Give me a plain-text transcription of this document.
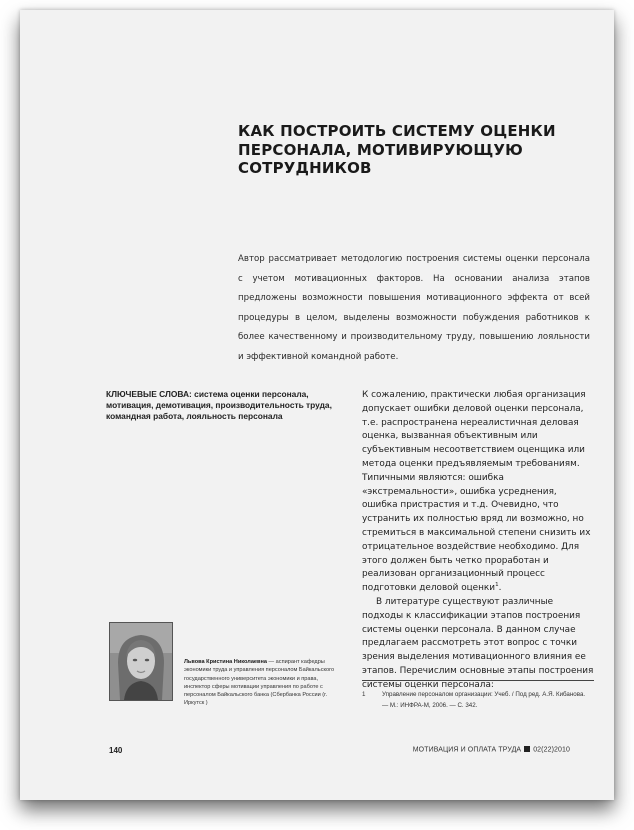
КАК ПОСТРОИТЬ СИСТЕМУ ОЦЕНКИ ПЕРСОНАЛА, МОТИВИРУЮЩУЮ СОТРУДНИКОВ

Автор рассматривает методологию построения системы оценки персонала с учетом мотивационных факторов. На основании анализа этапов предложены возможности повышения мотивационного эффекта от всей процедуры в целом, выделены возможности побуждения работников к более качественному и производительному труду, повышению лояльности и эффективной командной работе.

КЛЮЧЕВЫЕ СЛОВА: система оценки персонала, мотивация, демотивация, производительность труда, командная работа, лояльность персонала

К сожалению, практически любая организация допускает ошибки деловой оценки персонала, т.е. распространена нереалистичная деловая оценка, вызванная объективным или субъективным несоответствием оценщика или метода оценки предъявляемым требованиям. Типичными являются: ошибка «экстремальности», ошибка усреднения, ошибка пристрастия и т.д. Очевидно, что устранить их полностью вряд ли возможно, но стремиться в максимальной степени снизить их отрицательное воздействие необходимо. Для этого должен быть четко проработан и реализован организационный процесс подготовки деловой оценки$^1$.

В литературе существуют различные подходы к классификации этапов построения системы оценки персонала. В данном случае предлагаем рассмотреть этот вопрос с точки зрения выделения мотивационного влияния ее этапов. Перечислим основные этапы построения системы оценки персонала:

1	Управление персоналом организации: Учеб. / Под ред. А.Я. Кибанова. — М.: ИНФРА-М, 2006. — С. 342.
Львова Кристина Николаевна — аспирант кафедры экономики труда и управления персоналом Байкальского государственного университета экономики и права, инспектор сферы мотивации управления по работе с персоналом Байкальского банка (Сбербанка России (г. Иркутск )
140	МОТИВАЦИЯ И ОПЛАТА ТРУДА 02(22)2010
